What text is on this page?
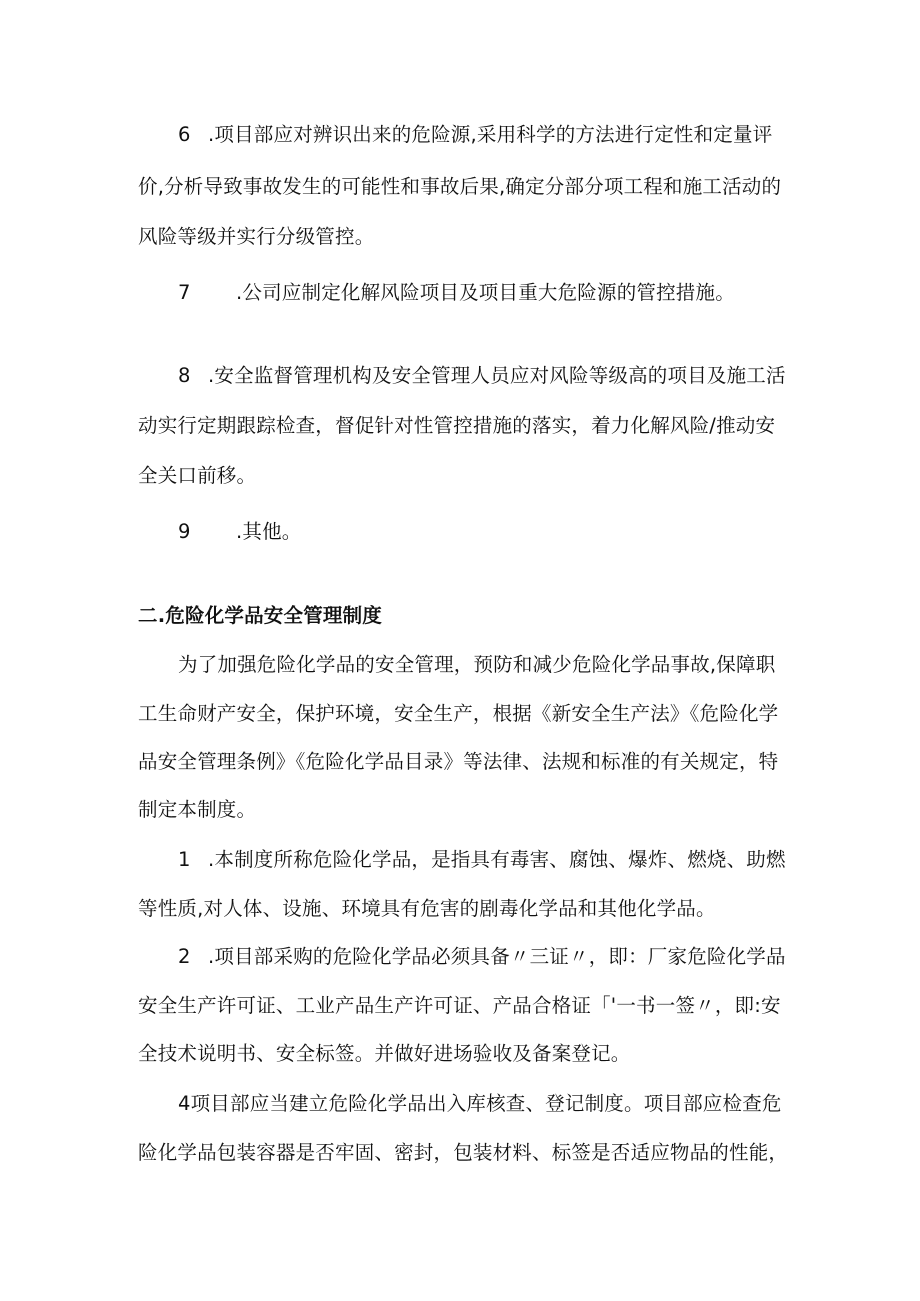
6 .项目部应对辨识出来的危险源,采用科学的方法进行定性和定量评
价,分析导致事故发生的可能性和事故后果,确定分部分项工程和施工活动的
风险等级并实行分级管控。
7 .公司应制定化解风险项目及项目重大危险源的管控措施。
8 .安全监督管理机构及安全管理人员应对风险等级高的项目及施工活
动实行定期跟踪检查，督促针对性管控措施的落实，着力化解风险/推动安
全关口前移。
9 .其他。
二.危险化学品安全管理制度
为了加强危险化学品的安全管理，预防和减少危险化学品事故,保障职
工生命财产安全，保护环境，安全生产，根据《新安全生产法》《危险化学
品安全管理条例》《危险化学品目录》等法律、法规和标准的有关规定，特
制定本制度。
1 .本制度所称危险化学品，是指具有毒害、腐蚀、爆炸、燃烧、助燃
等性质,对人体、设施、环境具有危害的剧毒化学品和其他化学品。
2 .项目部采购的危险化学品必须具备〃三证〃，即：厂家危险化学品
安全生产许可证、工业产品生产许可证、产品合格证「'一书一签〃，即:安
全技术说明书、安全标签。并做好进场验收及备案登记。
4项目部应当建立危险化学品出入库核查、登记制度。项目部应检查危
险化学品包装容器是否牢固、密封，包装材料、标签是否适应物品的性能，
